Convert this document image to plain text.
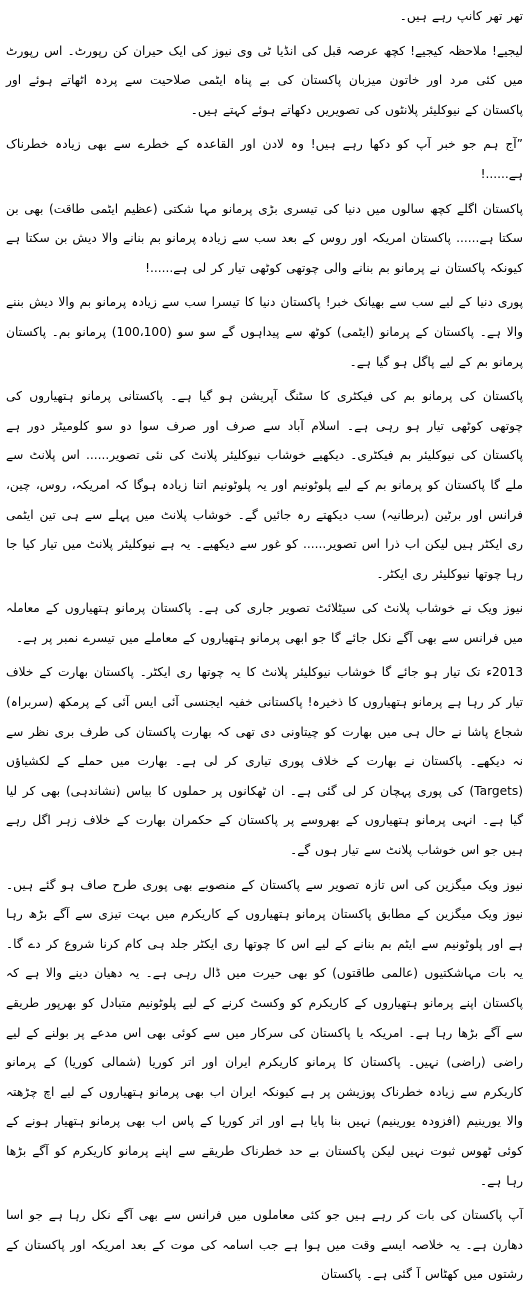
تھر تھر کانپ رہے ہیں۔

لیجیے! ملاحظہ کیجیے! کچھ عرصہ قبل کی انڈیا ٹی وی نیوز کی ایک حیران کن رپورٹ۔ اس رپورٹ میں کئی مرد اور خاتون میزبان پاکستان کی بے پناہ ایٹمی صلاحیت سے پردہ اٹھاتے ہوئے اور پاکستان کے نیوکلیئر پلانٹوں کی تصویریں دکھاتے ہوئے کہتے ہیں۔

”آج ہم جو خبر آپ کو دکھا رہے ہیں! وہ لادن اور القاعدہ کے خطرے سے بھی زیادہ خطرناک ہے......!

پاکستان اگلے کچھ سالوں میں دنیا کی تیسری بڑی پرمانو مہا شکتی (عظیم ایٹمی طاقت) بھی بن سکتا ہے...... پاکستان امریکہ اور روس کے بعد سب سے زیادہ پرمانو بم بنانے والا دیش بن سکتا ہے کیونکہ پاکستان نے پرمانو بم بنانے والی چوتھی کوٹھی تیار کر لی ہے......!

پوری دنیا کے لیے سب سے بھیانک خبر! پاکستان دنیا کا تیسرا سب سے زیادہ پرمانو بم والا دیش بننے والا ہے۔ پاکستان کے پرمانو (ایٹمی) کوٹھ سے پیداہوں گے سو سو (100،100) پرمانو بم۔ پاکستان پرمانو بم کے لیے پاگل ہو گیا ہے۔

پاکستان کی پرمانو بم کی فیکٹری کا سٹنگ آپریشن ہو گیا ہے۔ پاکستانی پرمانو ہتھیاروں کی چوتھی کوٹھی تیار ہو رہی ہے۔ اسلام آباد سے صرف اور صرف سوا دو سو کلومیٹر دور ہے پاکستان کی نیوکلیئر بم فیکٹری۔ دیکھیے خوشاب نیوکلیئر پلانٹ کی نئی تصویر...... اس پلانٹ سے ملے گا پاکستان کو پرمانو بم کے لیے پلوٹونیم اور یہ پلوٹونیم اتنا زیادہ ہوگا کہ امریکہ، روس، چین، فرانس اور برٹین (برطانیہ) سب دیکھتے رہ جائیں گے۔ خوشاب پلانٹ میں پہلے سے ہی تین ایٹمی ری ایکٹر ہیں لیکن اب ذرا اس تصویر...... کو غور سے دیکھیے۔ یہ ہے نیوکلیئر پلانٹ میں تیار کیا جا رہا چوتھا نیوکلیئر ری ایکٹر۔

نیوز ویک نے خوشاب پلانٹ کی سیٹلائٹ تصویر جاری کی ہے۔ پاکستان پرمانو ہتھیاروں کے معاملہ میں فرانس سے بھی آگے نکل جائے گا جو ابھی پرمانو ہتھیاروں کے معاملے میں تیسرے نمبر پر ہے۔

2013ء تک تیار ہو جائے گا خوشاب نیوکلیئر پلانٹ کا یہ چوتھا ری ایکٹر۔ پاکستان بھارت کے خلاف تیار کر رہا ہے پرمانو ہتھیاروں کا ذخیرہ! پاکستانی خفیہ ایجنسی آئی ایس آئی کے پرمکھ (سربراہ) شجاع پاشا نے حال ہی میں بھارت کو چیتاونی دی تھی کہ بھارت پاکستان کی طرف بری نظر سے نہ دیکھے۔ پاکستان نے بھارت کے خلاف پوری تیاری کر لی ہے۔ بھارت میں حملے کے لکشیاؤں (Targets) کی پوری پہچان کر لی گئی ہے۔ ان ٹھکانوں پر حملوں کا بیاس (نشاندہی) بھی کر لیا گیا ہے۔ انہی پرمانو ہتھیاروں کے بھروسے پر پاکستان کے حکمران بھارت کے خلاف زہر اگل رہے ہیں جو اس خوشاب پلانٹ سے تیار ہوں گے۔

نیوز ویک میگزین کی اس تازہ تصویر سے پاکستان کے منصوبے بھی پوری طرح صاف ہو گئے ہیں۔ نیوز ویک میگزین کے مطابق پاکستان پرمانو ہتھیاروں کے کاریکرم میں بہت تیزی سے آگے بڑھ رہا ہے اور پلوٹونیم سے ایٹم بم بنانے کے لیے اس کا چوتھا ری ایکٹر جلد ہی کام کرنا شروع کر دے گا۔ یہ بات مہاشکتیوں (عالمی طاقتوں) کو بھی حیرت میں ڈال رہی ہے۔ یہ دھیان دینے والا ہے کہ پاکستان اپنے پرمانو ہتھیاروں کے کاریکرم کو وکسٹ کرنے کے لیے پلوٹونیم متبادل کو بھرپور طریقے سے آگے بڑھا رہا ہے۔ امریکہ یا پاکستان کی سرکار میں سے کوئی بھی اس مدعے پر بولنے کے لیے راضی (راضی) نہیں۔ پاکستان کا پرمانو کاریکرم ایران اور اتر کوریا (شمالی کوریا) کے پرمانو کاریکرم سے زیادہ خطرناک پوزیشن پر ہے کیونکہ ایران اب بھی پرمانو ہتھیاروں کے لیے اچ چڑھتہ والا یورینیم (افزودہ یورینیم) نہیں بنا پایا ہے اور اتر کوریا کے پاس اب بھی پرمانو ہتھیار ہونے کے کوئی ٹھوس ثبوت نہیں لیکن پاکستان بے حد خطرناک طریقے سے اپنے پرمانو کاریکرم کو آگے بڑھا رہا ہے۔

آپ پاکستان کی بات کر رہے ہیں جو کئی معاملوں میں فرانس سے بھی آگے نکل رہا ہے جو اسا دھارن ہے۔ یہ خلاصہ ایسے وقت میں ہوا ہے جب اسامہ کی موت کے بعد امریکہ اور پاکستان کے رشتوں میں کھٹاس آ گئی ہے۔ پاکستان
